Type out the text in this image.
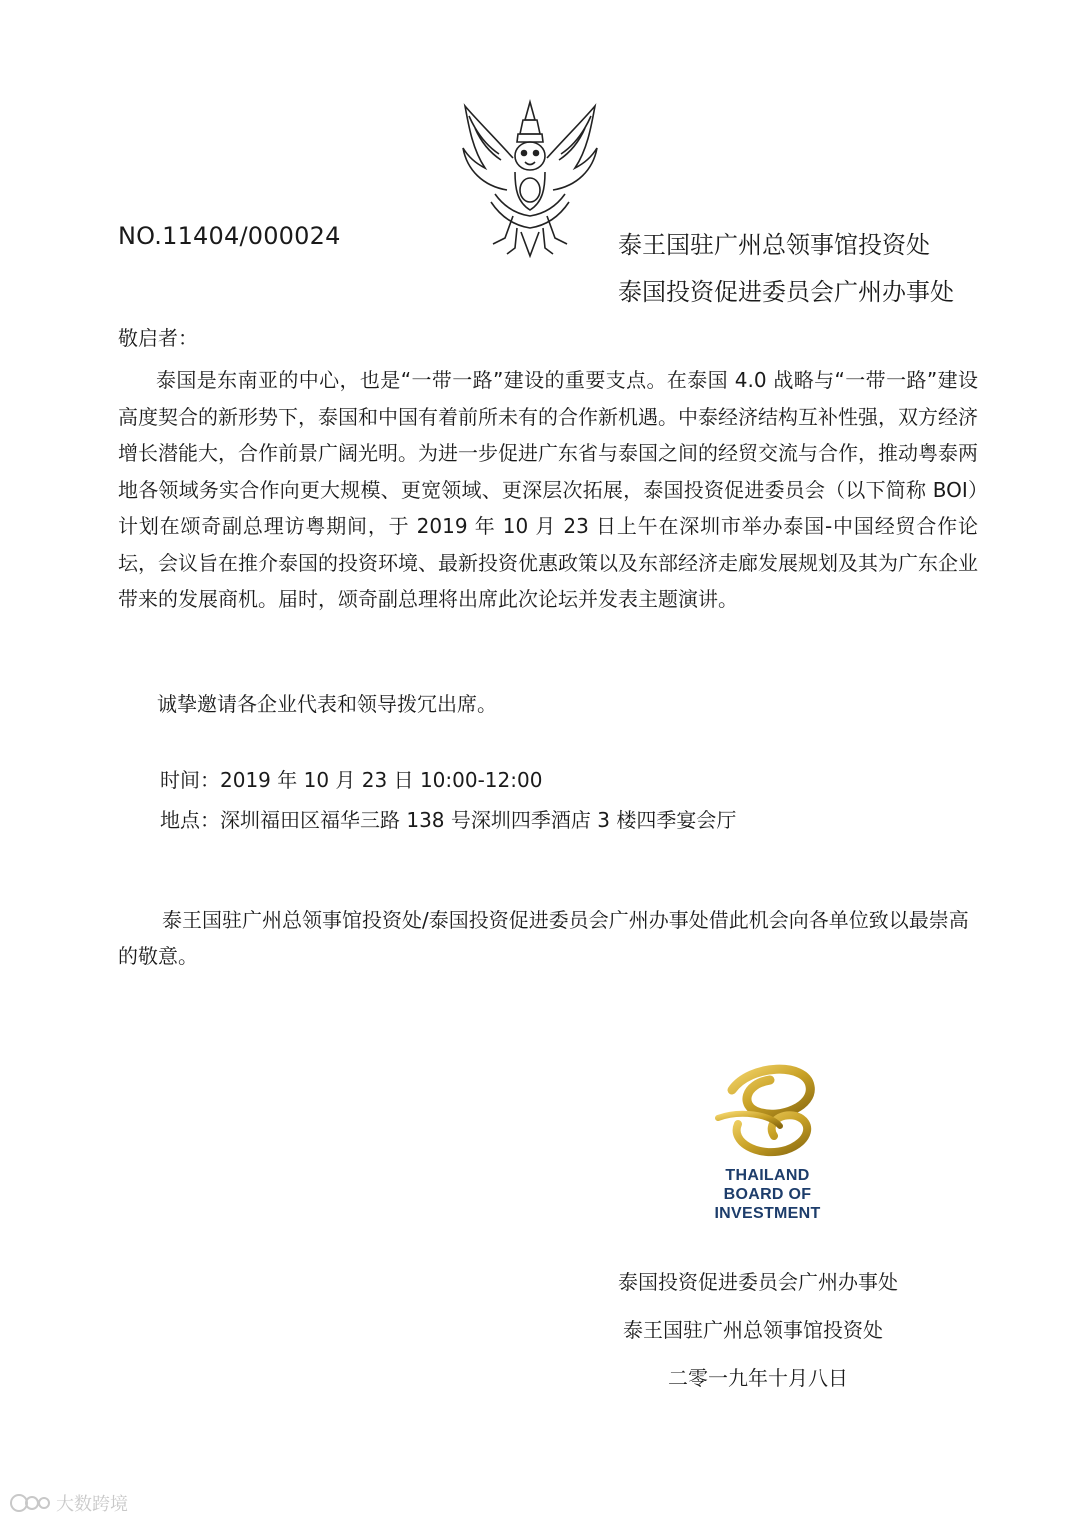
NO.11404/000024	泰王国驻广州总领事馆投资处
泰国投资促进委员会广州办事处
敬启者：
泰国是东南亚的中心，也是“一带一路”建设的重要支点。在泰国 4.0 战略与“一带一路”建设高度契合的新形势下，泰国和中国有着前所未有的合作新机遇。中泰经济结构互补性强，双方经济增长潜能大，合作前景广阔光明。为进一步促进广东省与泰国之间的经贸交流与合作，推动粤泰两地各领域务实合作向更大规模、更宽领域、更深层次拓展，泰国投资促进委员会（以下简称 BOI）计划在颂奇副总理访粤期间，于 2019 年 10 月 23 日上午在深圳市举办泰国-中国经贸合作论坛，会议旨在推介泰国的投资环境、最新投资优惠政策以及东部经济走廊发展规划及其为广东企业带来的发展商机。届时，颂奇副总理将出席此次论坛并发表主题演讲。
诚挚邀请各企业代表和领导拨冗出席。
时间：2019 年 10 月 23 日 10:00-12:00
地点：深圳福田区福华三路 138 号深圳四季酒店 3 楼四季宴会厅
泰王国驻广州总领事馆投资处/泰国投资促进委员会广州办事处借此机会向各单位致以最崇高的敬意。
THAILAND
BOARD OF
INVESTMENT
泰国投资促进委员会广州办事处
泰王国驻广州总领事馆投资处
二零一九年十月八日
大数跨境
